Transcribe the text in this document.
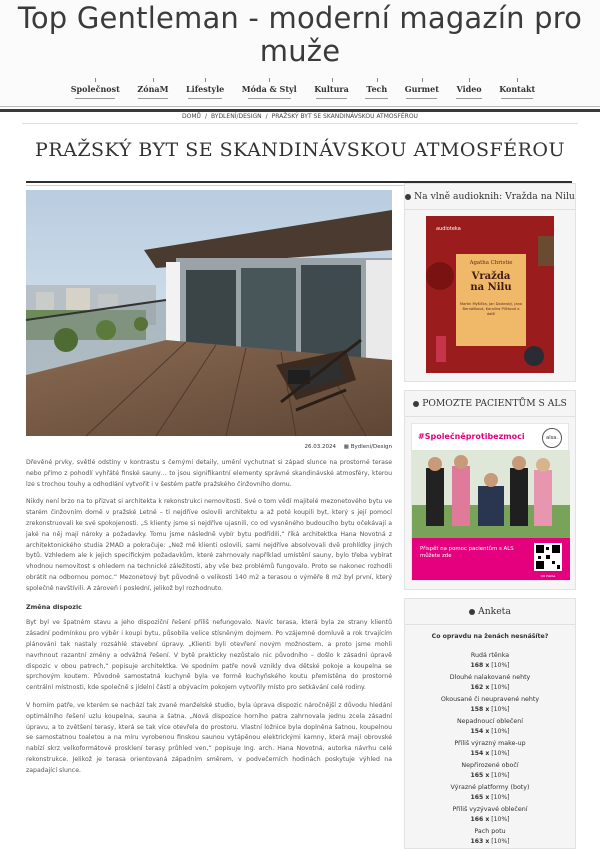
Top Gentleman - moderní magazín pro muže
Společnost	ZónaM	Lifestyle	Móda & Styl	Kultura	Tech	Gurmet	Video	Kontakt
DOMŮ / BYDLENÍ/DESIGN / PRAŽSKÝ BYT SE SKANDINÁVSKOU ATMOSFÉROU
PRAŽSKÝ BYT SE SKANDINÁVSKOU ATMOSFÉROU
26.03.2024 ▦ Bydlení/Design

Dřevěné prvky, světlé odstíny v kontrastu s černými detaily, umění vychutnat si západ slunce na prostorné terase nebo přímo z pohodlí vyhřáté finské sauny… to jsou signifikantní elementy správné skandinávské atmosféry, kterou lze s trochou touhy a odhodlání vytvořit i v šestém patře pražského činžovního domu.

Nikdy není brzo na to přizvat si architekta k rekonstrukci nemovitosti. Své o tom vědí majitelé mezonetového bytu ve starém činžovním domě v pražské Letné – ti nejdříve oslovili architektu a až poté koupili byt, který s její pomocí zrekonstruovali ke své spokojenosti. „S klienty jsme si nejdříve ujasnili, co od vysněného budoucího bytu očekávají a jaké na něj mají nároky a požadavky. Tomu jsme následně vybír bytu podřídili,“ říká architektka Hana Novotná z architektonického studia 2MAD a pokračuje: „Než mě klienti oslovili, sami nejdříve absolvovali dvě prohlídky jiných bytů. Vzhledem ale k jejich specifickým požadavkům, které zahrnovaly například umístění sauny, bylo třeba vybírat vhodnou nemovitost s ohledem na technické záležitosti, aby vše bez problémů fungovalo. Proto se nakonec rozhodli obrátit na odbornou pomoc.“ Mezonetový byt původně o velikosti 140 m2 a terasou o výměře 8 m2 byl první, který společně navštívili. A zároveň i poslední, jelikož byl rozhodnuto.

Změna dispozic

Byt byl ve špatném stavu a jeho dispoziční řešení příliš nefungovalo. Navíc terasa, která byla ze strany klientů zásadní podmínkou pro výběr i koupi bytu, působila velice stísněným dojmem. Po vzájemné domluvě a rok trvajícím plánování tak nastaly rozsáhlé stavební úpravy. „Klienti byli otevření novým možnostem, a proto jsme mohli navrhnout razantní změny a odvážná řešení. V bytě prakticky nezůstalo nic původního – došlo k zásadní úpravě dispozic v obou patrech,“ popisuje architektka. Ve spodním patře nově vznikly dva dětské pokoje a koupelna se sprchovým koutem. Původně samostatná kuchyně byla ve formě kuchyňského koutu přemístěna do prostorné centrální místnosti, kde společně s jídelní částí a obývacím pokojem vytvořily místo pro setkávání celé rodiny.

V horním patře, ve kterém se nachází tak zvané manželské studio, byla úprava dispozic náročnější z důvodu hledání optimálního řešení uzlu koupelna, sauna a šatna. „Nová dispozice horního patra zahrnovala jednu zcela zásadní úpravu, a to zvětšení terasy, která se tak více otevřela do prostoru. Vlastní ložnice byla doplněna šatnou, koupelnou se samostatnou toaletou a na míru vyrobenou finskou saunou vytápěnou elektrickými kamny, která mají obrovské nabízí skrz velkoformátové prosklení terasy průhled ven,“ popisuje Ing. arch. Hana Novotná, autorka návrhu celé rekonstrukce. Jelikož je terasa orientovaná západním směrem, v podvečerních hodinách poskytuje výhled na zapadající slunce.

Na vlně audioknih: Vražda na Nilu
audioteka
Agatha Christie
Vražda
na Nilu
Martin Myšička, Jan Dolanský, Jana Bernášková, Karolína Plíčková a další
POMOZTE PACIENTŮM S ALS
#Společněprotibezmoci	alsa.
Přispět na pomoc pacientům s ALS můžete zde
QR Platba
Anketa
Co opravdu na ženách nesnášíte?
Rudá rtěnka
168 x [10%]
Dlouhé nalakované nehty
162 x [10%]
Okousané či neupravené nehty
158 x [10%]
Nepadnoucí oblečení
154 x [10%]
Příliš výrazný make-up
154 x [10%]
Nepřirozené obočí
165 x [10%]
Výrazné platformy (boty)
165 x [10%]
Příliš vyzývavé oblečení
166 x [10%]
Pach potu
163 x [10%]
